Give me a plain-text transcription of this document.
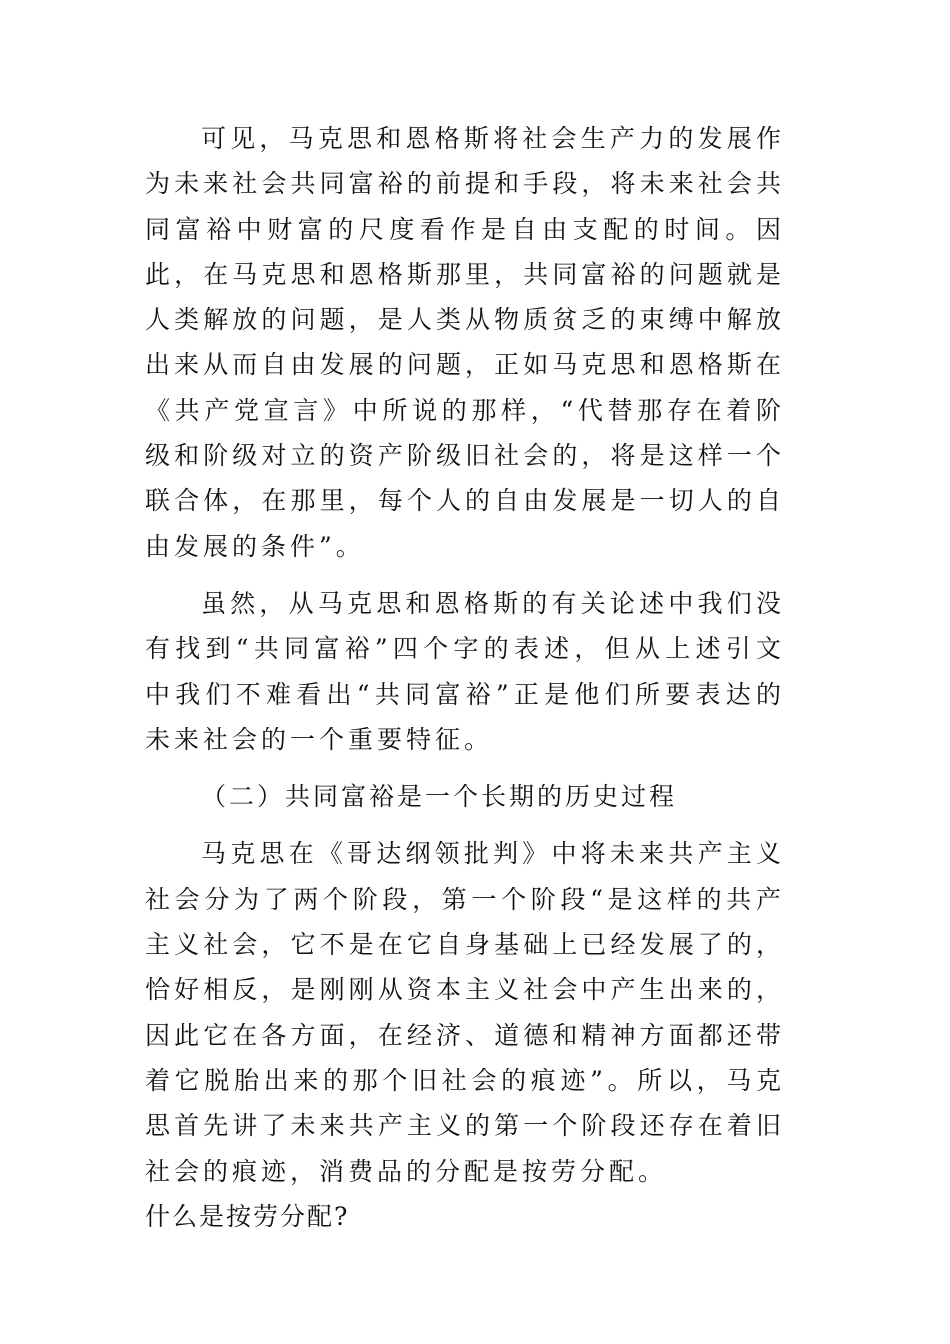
可见，马克思和恩格斯将社会生产力的发展作为未来社会共同富裕的前提和手段，将未来社会共同富裕中财富的尺度看作是自由支配的时间。因此，在马克思和恩格斯那里，共同富裕的问题就是人类解放的问题，是人类从物质贫乏的束缚中解放出来从而自由发展的问题，正如马克思和恩格斯在《共产党宣言》中所说的那样，“代替那存在着阶级和阶级对立的资产阶级旧社会的，将是这样一个联合体，在那里，每个人的自由发展是一切人的自由发展的条件”。

虽然，从马克思和恩格斯的有关论述中我们没有找到“共同富裕”四个字的表述，但从上述引文中我们不难看出“共同富裕”正是他们所要表达的未来社会的一个重要特征。

（二）共同富裕是一个长期的历史过程

马克思在《哥达纲领批判》中将未来共产主义社会分为了两个阶段，第一个阶段“是这样的共产主义社会，它不是在它自身基础上已经发展了的，恰好相反，是刚刚从资本主义社会中产生出来的，因此它在各方面，在经济、道德和精神方面都还带着它脱胎出来的那个旧社会的痕迹”。所以，马克思首先讲了未来共产主义的第一个阶段还存在着旧社会的痕迹，消费品的分配是按劳分配。

什么是按劳分配?
